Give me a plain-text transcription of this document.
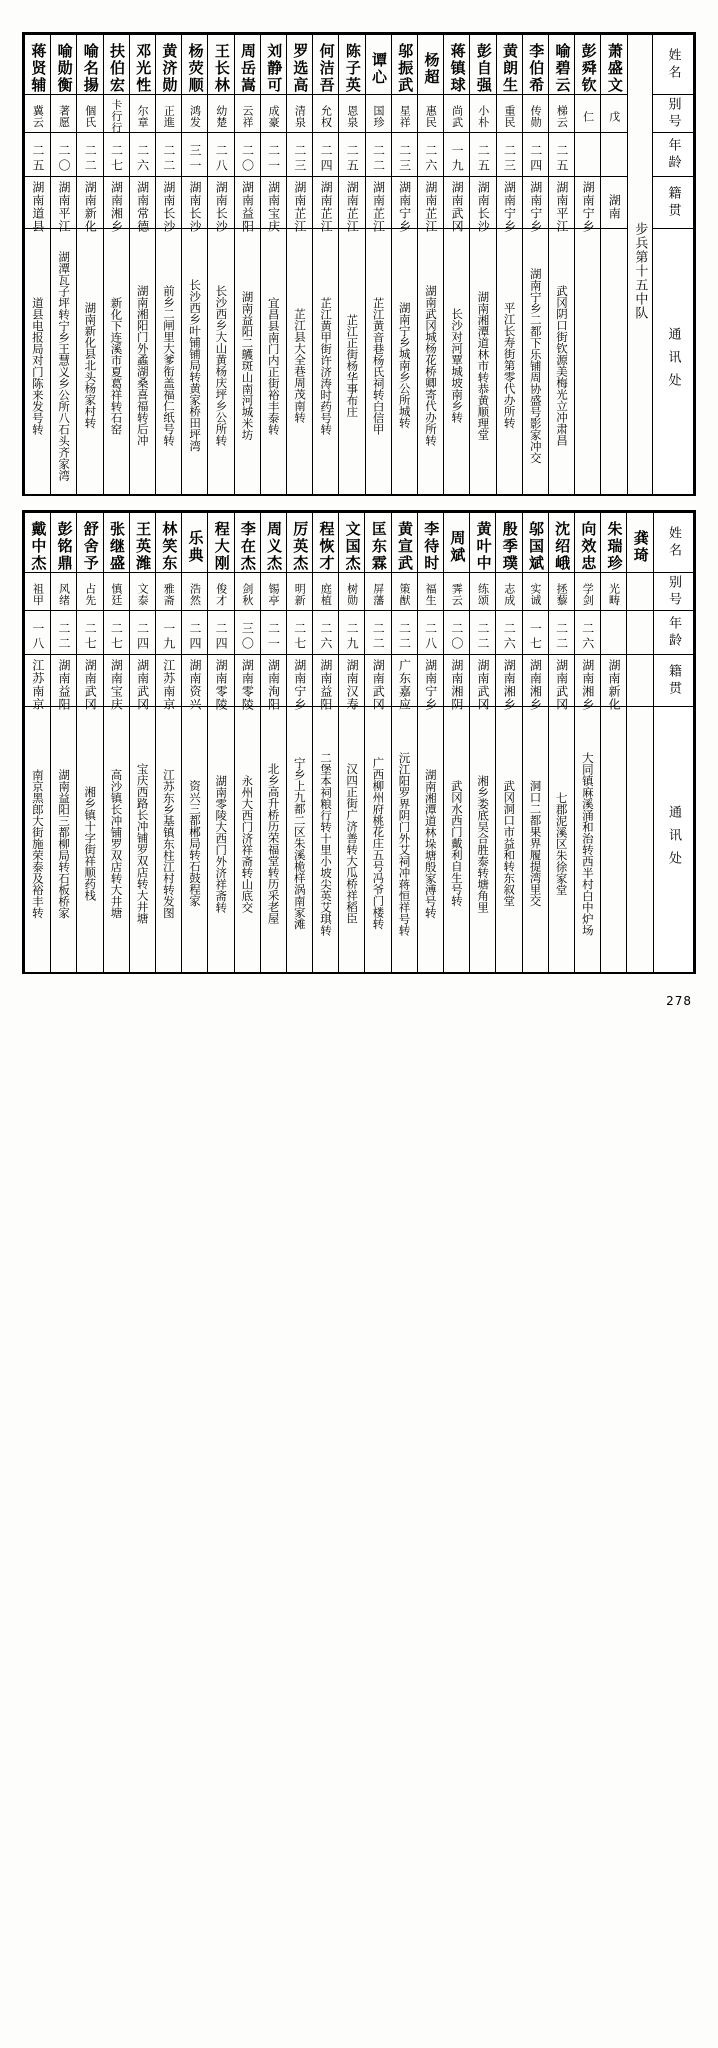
蒋贤辅	喻勋衡	喻名揚	扶伯宏	邓光性	黄济勋	杨荧顺	王长林	周岳嵩	刘静可	罗选高	何洁吾	陈子英	谭心	邬振武	杨超	蒋镇球	彭自强	黄朗生	李伯希	喻碧云	彭舜钦	萧盛文	步兵第十五中队	姓名

冀云	著愿	個氏	卡行行	尔章	正進	鸿发	幼楚	云祥	成豪	清泉	允权	恩泉	国珍	星祥	惠民	尚武	小朴	重民	传勋	梯云	仁	戊		别号

二五	二〇	二二	二七	二六	二二	三一	二八	二〇	二一	二三	二四	二五	二二	二三	二六	一九	二五	二三	二四	二五				年龄

湖南道县	湖南平江	湖南新化	湖南湘乡	湖南常德	湖南长沙	湖南长沙	湖南长沙	湖南益阳	湖南宝庆	湖南芷江	湖南芷江	湖南芷江	湖南芷江	湖南宁乡	湖南芷江	湖南武冈	湖南长沙	湖南宁乡	湖南宁乡	湖南平江	湖南宁乡	湖南		籍贯

道县电报局对门陈来发号转	湖潭瓦子坪转宁乡王慧义乡公所八石头齐家湾	湖南新化县北头杨家村转	新化下连溪市夏葛祥转石窑	湖南湘阳门外蟊湖桑喜福转后冲	前乡二闸里大爹衔盖福仁纸号转	长沙西乡叶铺铺局转黄家桥田坪湾	长沙西乡大山黄杨庆坪乡公所转	湖南益阳二鸌斑山南河城米坊	宜昌县南门内正街裕丰泰转	芷江县大全巷周茂南转	芷江黄甲街许济涛时药号转	芷江正街杨华事布庄	芷江黄音巷杨氏祠转白信甲	湖南宁乡城南乡公所城转	湖南武冈城杨花桥卿寄代办所转	长沙对河覃城坡南乡转	湖南湘潭道林市转恭黄顺理堂	平江长寿街第零代办所转	湖南宁乡二都下乐铺周协盛号影家冲交	武冈阴口街钦源美梅光立冲肃昌				通讯处
戴中杰	彭铭鼎	舒舍予	张继盛	王英潍	林笑东	乐典	程大刚	李在杰	周义杰	厉英杰	程恢才	文国杰	匡东霖	黄宣武	李待时	周斌	黄叶中	殷季璞	邬国斌	沈绍峨	向效忠	朱瑞珍	龚琦	姓名

祖甲	风绪	占先	慎廷	文泰	雅斋	浩然	俊才	剑秋	锡亭	明新	庭植	树勋	屏藩	策猷	福生	霁云	练颂	志成	实诚	拯藜	学剑	光畴		别号

一八	二二	二七	二七	二四	一九	二四	二四	三〇	二一	二七	二六	二九	二二	二二	二八	二〇	二二	二六	一七	二二	二六			年龄

江苏南京	湖南益阳	湖南武冈	湖南宝庆	湖南武冈	江苏南京	湖南资兴	湖南零陵	湖南零陵	湖南洵阳	湖南宁乡	湖南益阳	湖南汉寿	湖南武冈	广东嘉应	湖南宁乡	湖南湘阴	湖南武冈	湖南湘乡	湖南湘乡	湖南武冈	湖南湘乡	湖南新化		籍贯

南京黑郎大街施荣泰及裕丰转	湖南益阳三都柳局转石板桥家	湘乡镇十字街祥顺药栈	高沙镇长冲铺罗双店转大井塘	宝庆西路长冲铺罗双店转大井塘	江苏东乡基镇东柱江村转发图	资兴三都郴局转石鼓程家	湖南零陵大西门外济祥斋转	永州大西门济祥斋转山底交	北乡高升桥历荣福堂转历采老屋	宁乡上九都二区朱溪桅样涡南家滩	二堡本祠粮行转十里小坡尖英艾琪转	汉四正街广济善转大瓜桥祥稻臣	广西柳州府桃花庄五号冯爷门楼转	沅江阳罗界阴门外艾祠冲蒋恒祥号转	湖南湘潭道林垛塘殷家溥号转	武冈水西门戴利自生号转	湘乡娄底吴合胜泰转塘角里	武冈洞口市益和转东叙堂	洞口二都果界履提湾里交	七郡泥溪区朱徐家堂	大同镇麻溪涌和治转西半村白中炉场			通讯处
278
